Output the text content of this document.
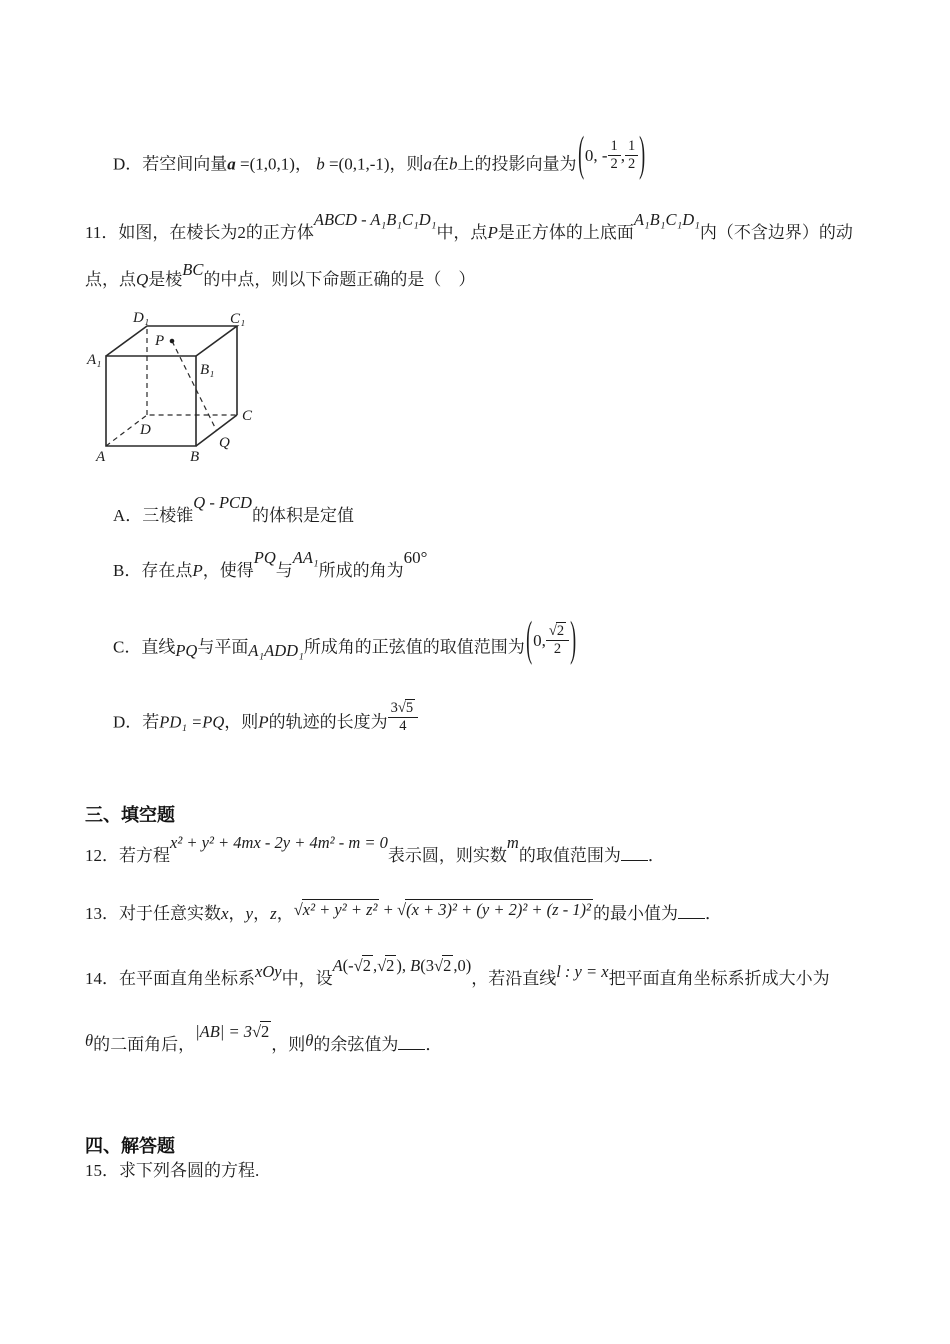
D．若空间向量a =(1,0,1)， b =(0,1,-1)，则a在b上的投影向量为 ( 0, - 1
2 , 1
2 )
11．如图，在棱长为2的正方体ABCD - A₁B₁C₁D₁中，点P是正方体的上底面A₁B₁C₁D₁内（不含边界）的动
点，点Q是棱BC的中点，则以下命题正确的是（　）
D₁	C₁
A₁
B₁
P
D
C
A	B
Q
A．三棱锥Q - PCD的体积是定值
B．存在点P，使得PQ与AA₁所成的角为60°
C．直线PQ与平面A₁ADD₁所成角的正弦值的取值范围为 ( 0, √ 2
2 )
D．若PD₁ =PQ，则P的轨迹的长度为 $\frac{3 √ 5}{4}$
三、填空题
12．若方程x² + y² + 4mx - 2y + 4m² - m = 0表示圆，则实数m的取值范围为 ．
13．对于任意实数x，y，z， √ x² + y² + z² + √ (x + 3)² + (y + 2)² + (z - 1)² 的最小值为 ．
14．在平面直角坐标系xOy中，设A(- √ 2 , √ 2 ), B(3 √ 2 ,0)，若沿直线l : y = x把平面直角坐标系折成大小为
θ的二面角后，|AB| = 3 √ 2，则θ的余弦值为 ．
四、解答题
15．求下列各圆的方程.
